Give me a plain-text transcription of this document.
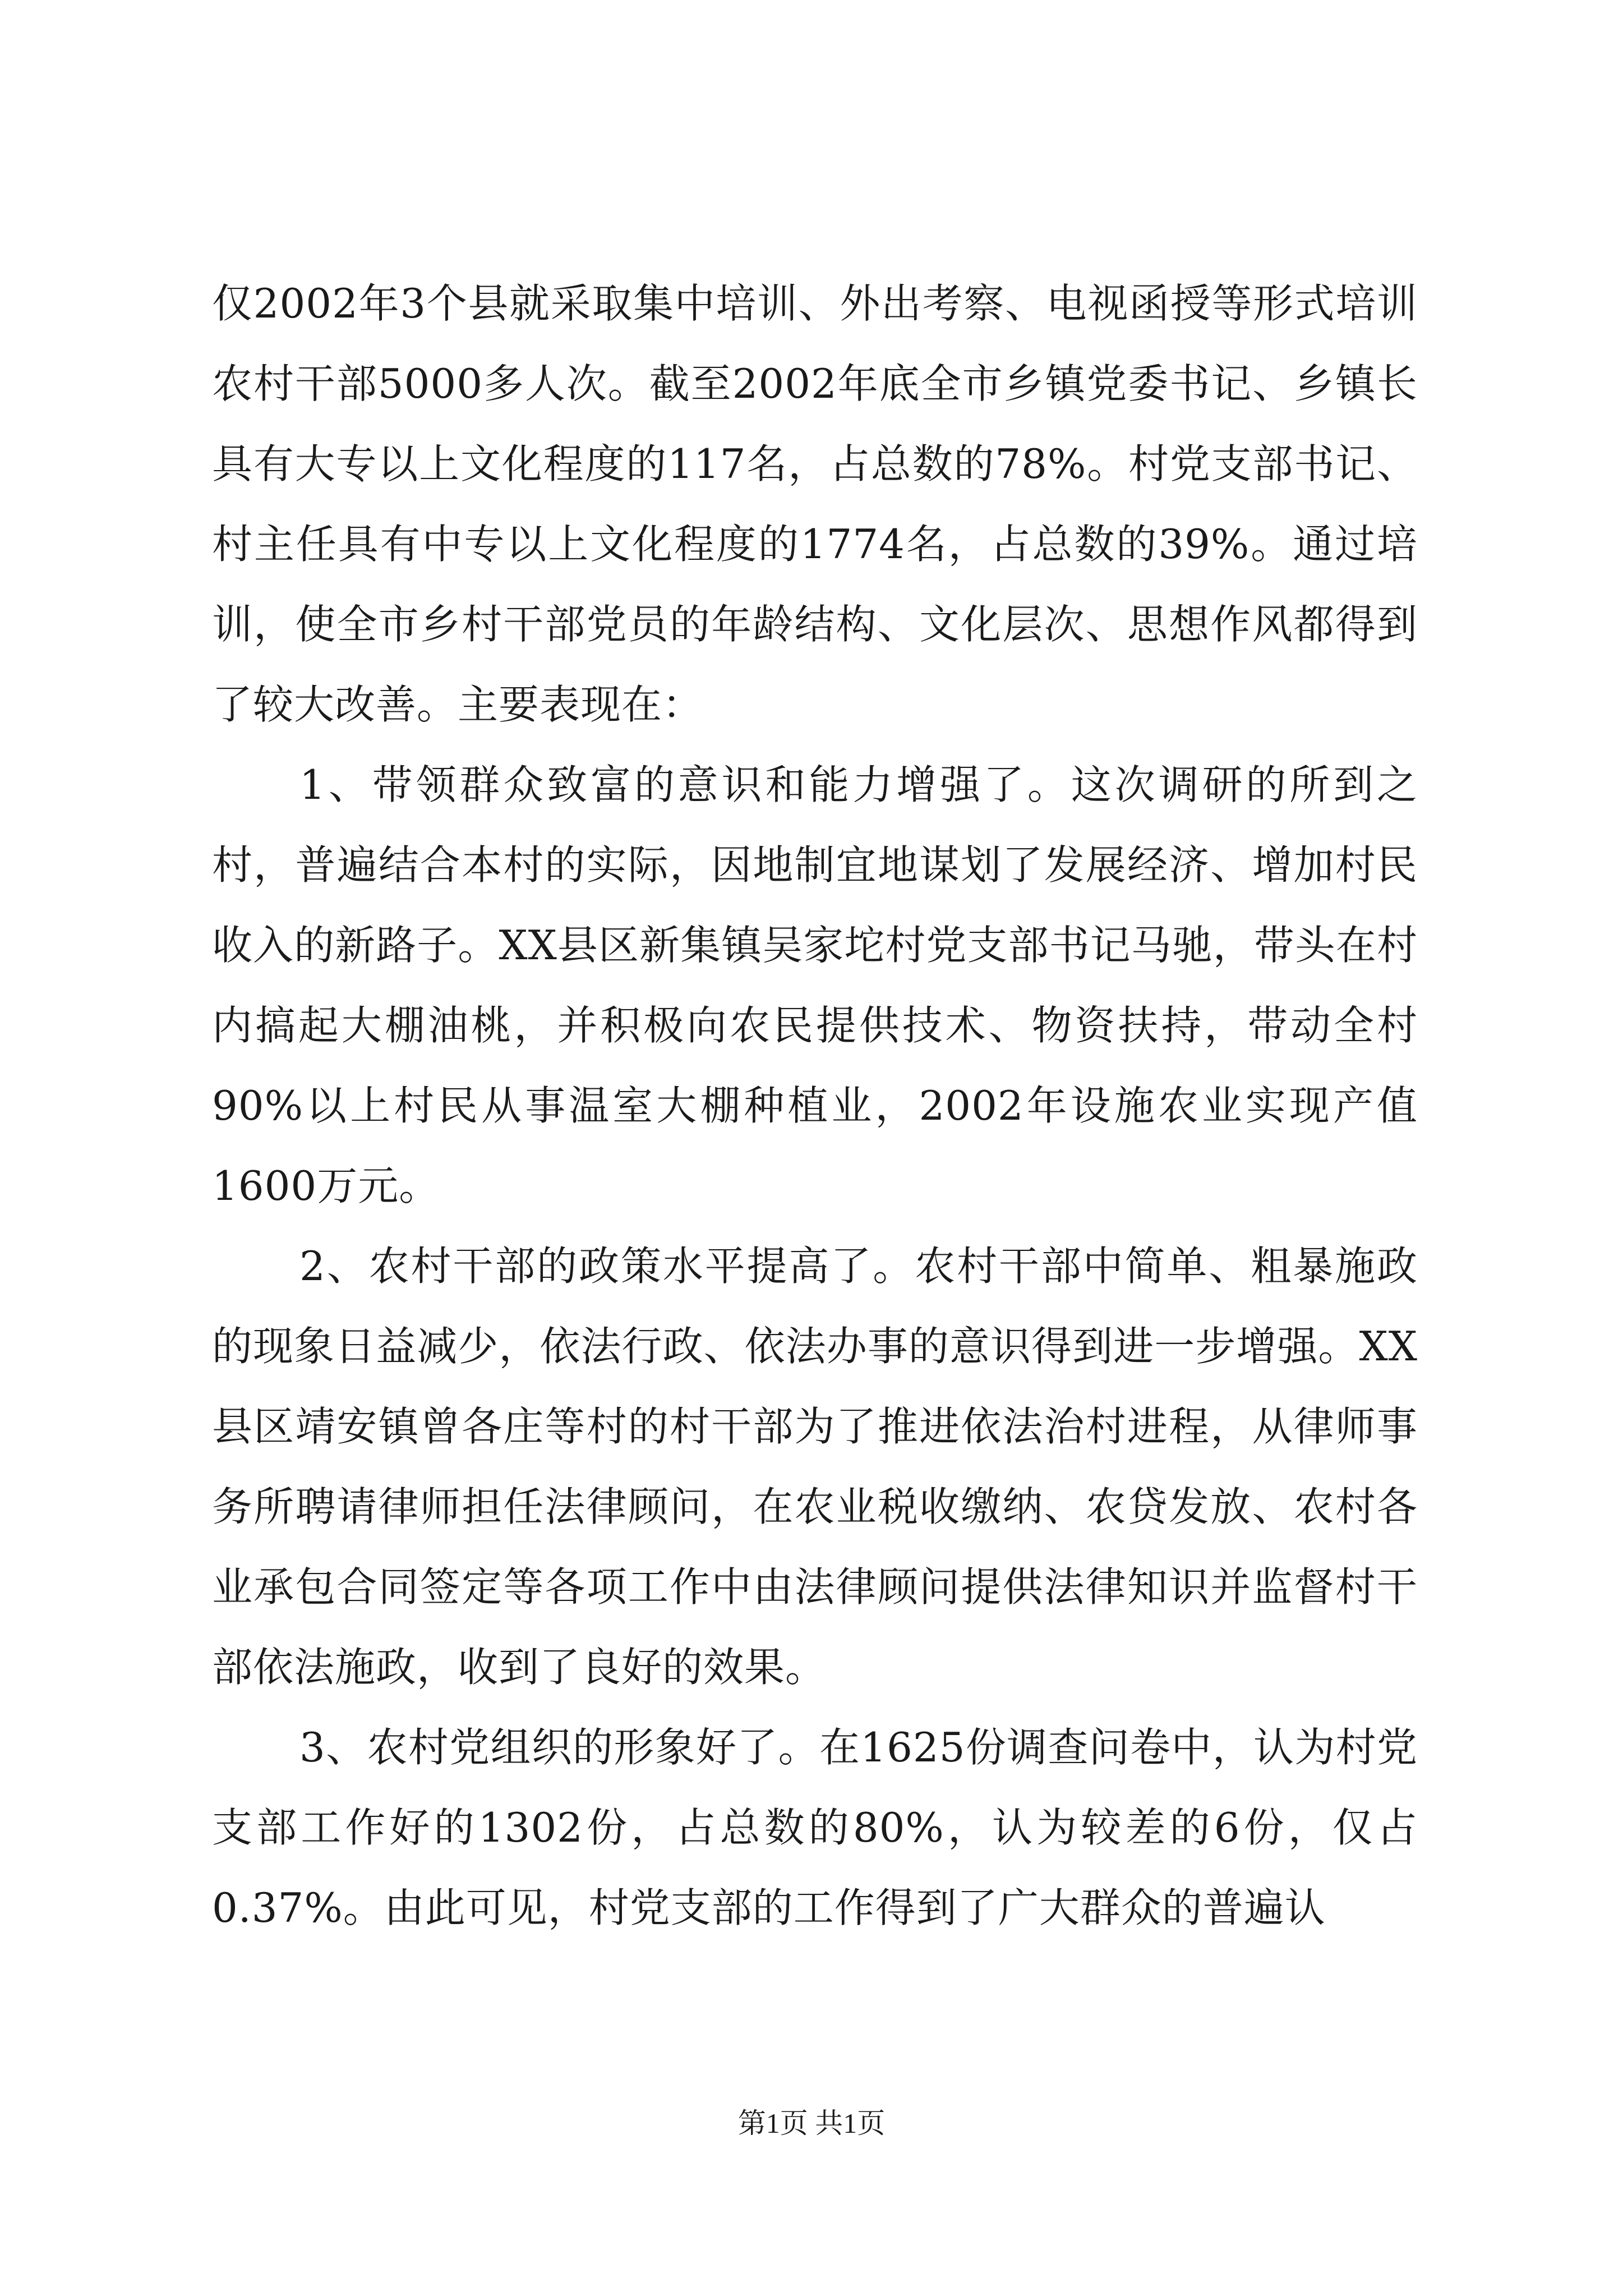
仅2002年3个县就采取集中培训、外出考察、电视函授等形式培训农村干部5000多人次。截至2002年底全市乡镇党委书记、乡镇长具有大专以上文化程度的117名，占总数的78%。村党支部书记、村主任具有中专以上文化程度的1774名，占总数的39%。通过培训，使全市乡村干部党员的年龄结构、文化层次、思想作风都得到了较大改善。主要表现在：

1、带领群众致富的意识和能力增强了。这次调研的所到之村，普遍结合本村的实际，因地制宜地谋划了发展经济、增加村民收入的新路子。XX县区新集镇吴家坨村党支部书记马驰，带头在村内搞起大棚油桃，并积极向农民提供技术、物资扶持，带动全村90%以上村民从事温室大棚种植业，2002年设施农业实现产值1600万元。

2、农村干部的政策水平提高了。农村干部中简单、粗暴施政的现象日益减少，依法行政、依法办事的意识得到进一步增强。XX县区靖安镇曾各庄等村的村干部为了推进依法治村进程，从律师事务所聘请律师担任法律顾问，在农业税收缴纳、农贷发放、农村各业承包合同签定等各项工作中由法律顾问提供法律知识并监督村干部依法施政，收到了良好的效果。

3、农村党组织的形象好了。在1625份调查问卷中，认为村党支部工作好的1302份，占总数的80%，认为较差的6份，仅占0.37%。由此可见，村党支部的工作得到了广大群众的普遍认

第1页 共1页
